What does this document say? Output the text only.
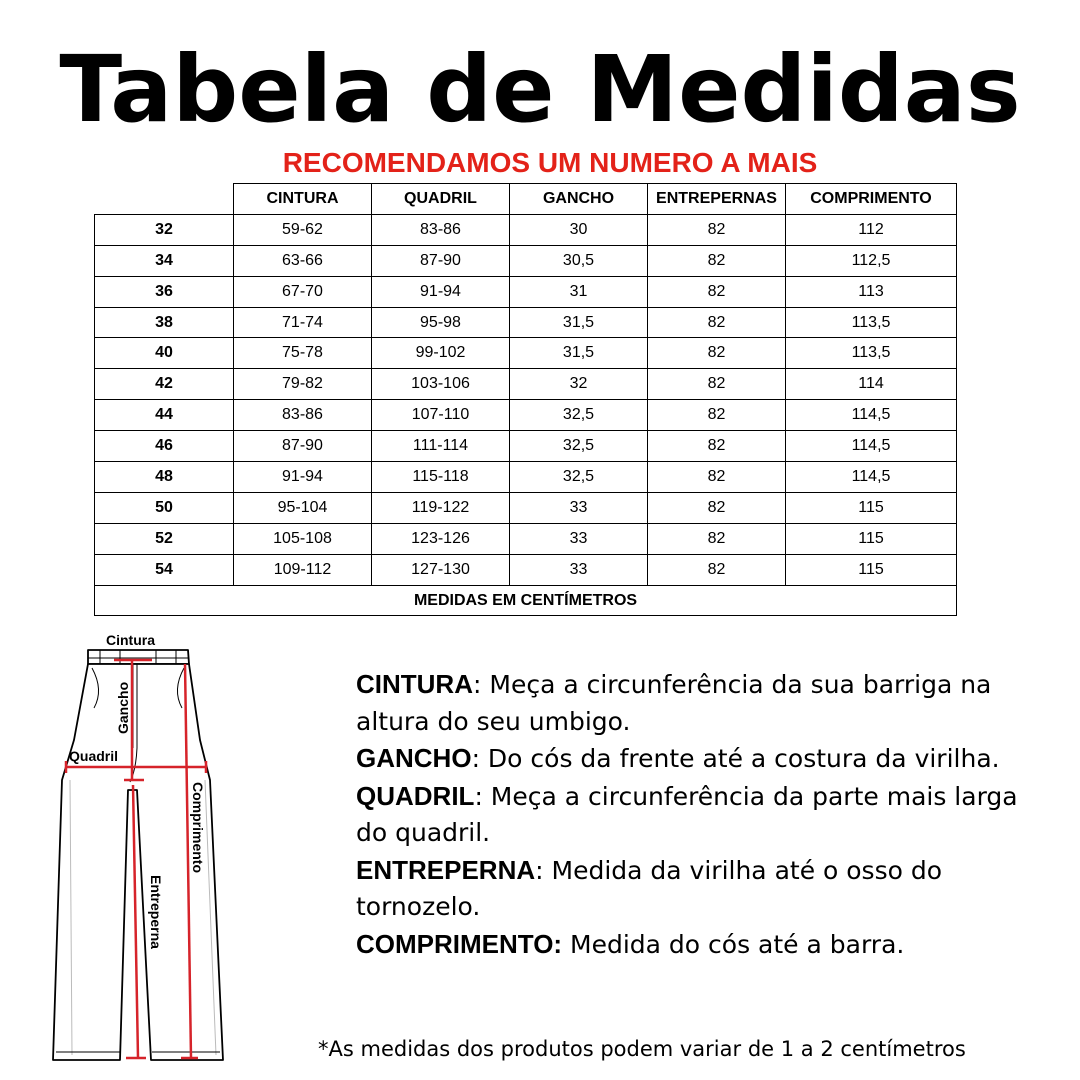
Tabela de Medidas
RECOMENDAMOS UM NUMERO A MAIS
	CINTURA	QUADRIL	GANCHO	ENTREPERNAS	COMPRIMENTO
32	59-62	83-86	30	82	112
34	63-66	87-90	30,5	82	112,5
36	67-70	91-94	31	82	113
38	71-74	95-98	31,5	82	113,5
40	75-78	99-102	31,5	82	113,5
42	79-82	103-106	32	82	114
44	83-86	107-110	32,5	82	114,5
46	87-90	111-114	32,5	82	114,5
48	91-94	115-118	32,5	82	114,5
50	95-104	119-122	33	82	115
52	105-108	123-126	33	82	115
54	109-112	127-130	33	82	115
MEDIDAS EM CENTÍMETROS					
Cintura
Gancho
Quadril
Comprimento
Entreperna

CINTURA: Meça a circunferência da sua barriga na altura do seu umbigo.

GANCHO: Do cós da frente até a costura da virilha.

QUADRIL: Meça a circunferência da parte mais larga do quadril.

ENTREPERNA: Medida da virilha até o osso do tornozelo.

COMPRIMENTO: Medida do cós até a barra.

*As medidas dos produtos podem variar de 1 a 2 centímetros
